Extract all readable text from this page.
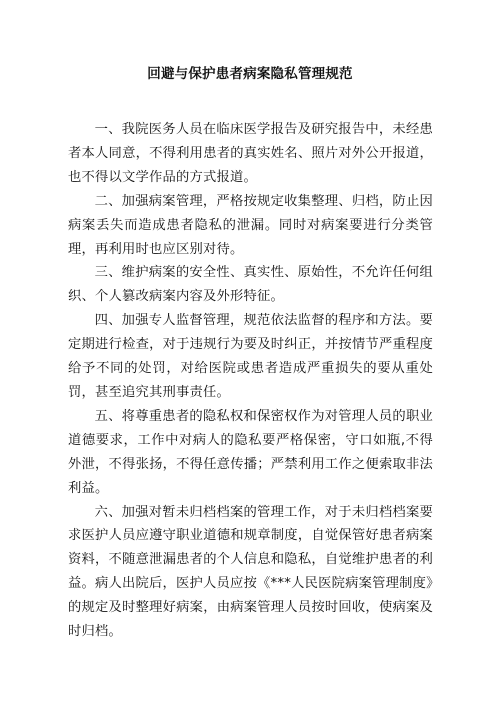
回避与保护患者病案隐私管理规范

一、我院医务人员在临床医学报告及研究报告中，未经患者本人同意，不得利用患者的真实姓名、照片对外公开报道，也不得以文学作品的方式报道。

二、加强病案管理，严格按规定收集整理、归档，防止因病案丢失而造成患者隐私的泄漏。同时对病案要进行分类管理，再利用时也应区别对待。

三、维护病案的安全性、真实性、原始性，不允许任何组织、个人篡改病案内容及外形特征。

四、加强专人监督管理，规范依法监督的程序和方法。要定期进行检查，对于违规行为要及时纠正，并按情节严重程度给予不同的处罚，对给医院或患者造成严重损失的要从重处罚，甚至追究其刑事责任。

五、将尊重患者的隐私权和保密权作为对管理人员的职业道德要求，工作中对病人的隐私要严格保密，守口如瓶,不得外泄，不得张扬，不得任意传播；严禁利用工作之便索取非法利益。

六、加强对暂未归档档案的管理工作，对于未归档档案要求医护人员应遵守职业道德和规章制度，自觉保管好患者病案资料，不随意泄漏患者的个人信息和隐私，自觉维护患者的利益。病人出院后，医护人员应按《***人民医院病案管理制度》的规定及时整理好病案，由病案管理人员按时回收，使病案及时归档。
